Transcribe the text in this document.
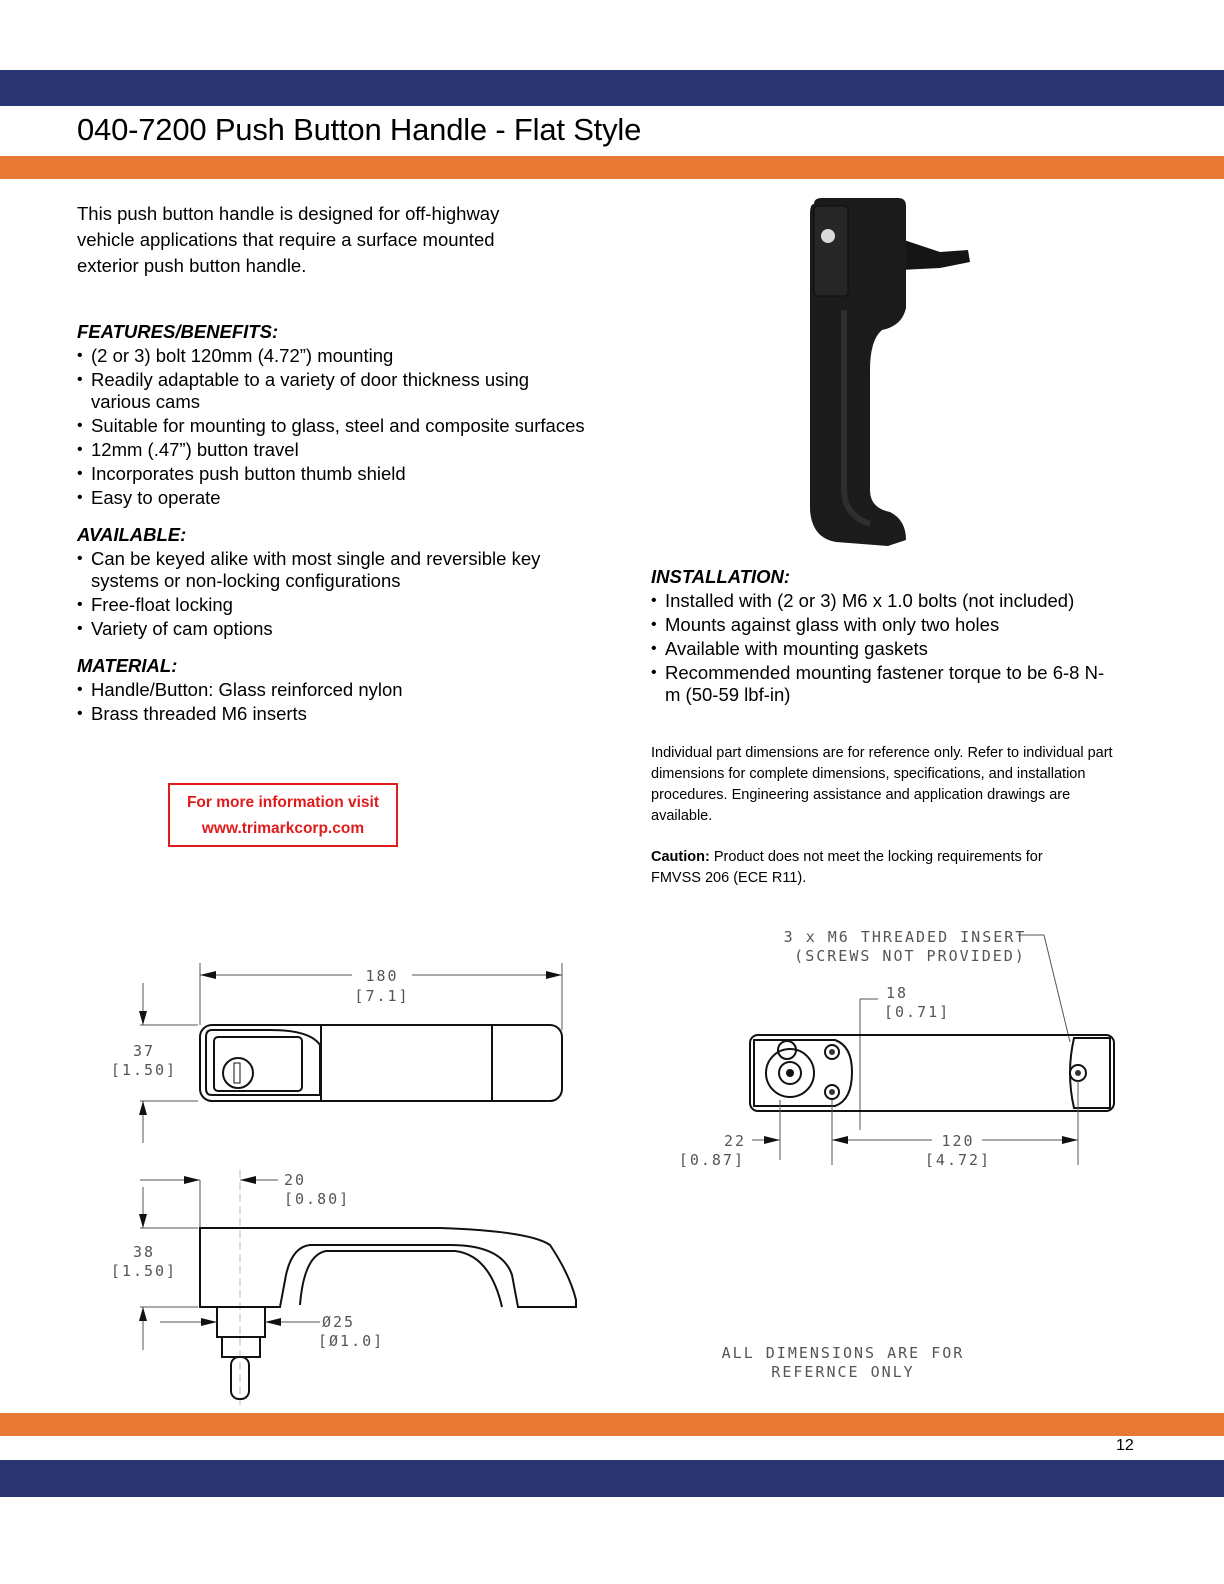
040-7200 Push Button Handle - Flat Style

This push button handle is designed for off-highway vehicle applications that require a surface mounted exterior push button handle.

FEATURES/BENEFITS:

• (2 or 3) bolt 120mm (4.72”) mounting
• Readily adaptable to a variety of door thickness using various cams
• Suitable for mounting to glass, steel and composite surfaces
• 12mm (.47”) button travel
• Incorporates push button thumb shield
• Easy to operate

AVAILABLE:

• Can be keyed alike with most single and reversible key systems or non-locking configurations
• Free-float locking
• Variety of cam options

MATERIAL:

• Handle/Button: Glass reinforced nylon
• Brass threaded M6 inserts
For more information visit
www.trimarkcorp.com

INSTALLATION:

• Installed with (2 or 3) M6 x 1.0 bolts (not included)
• Mounts against glass with only two holes
• Available with mounting gaskets
• Recommended mounting fastener torque to be 6-8 N-m (50-59 lbf-in)

Individual part dimensions are for reference only. Refer to individual part dimensions for complete dimensions, specifications, and installation procedures. Engineering assistance and application drawings are available.

Caution: Product does not meet the locking requirements for FMVSS 206 (ECE R11).

180
[7.1]
37
[1.50]
20
[0.80]
Ø25
[Ø1.0]
38
[1.50]
3 x M6 THREADED INSERT
(SCREWS NOT PROVIDED)
18
[0.71]
22
[0.87]
120
[4.72]
ALL DIMENSIONS ARE FOR
REFERNCE ONLY
12
